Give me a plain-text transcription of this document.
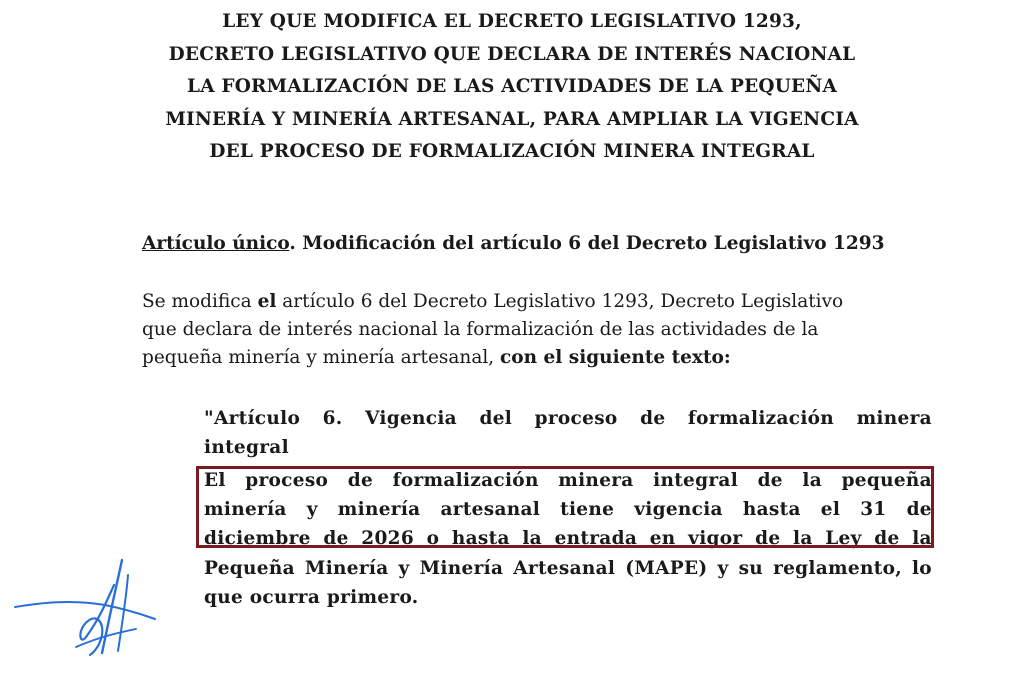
LEY QUE MODIFICA EL DECRETO LEGISLATIVO 1293,
DECRETO LEGISLATIVO QUE DECLARA DE INTERÉS NACIONAL
LA FORMALIZACIÓN DE LAS ACTIVIDADES DE LA PEQUEÑA
MINERÍA Y MINERÍA ARTESANAL, PARA AMPLIAR LA VIGENCIA
DEL PROCESO DE FORMALIZACIÓN MINERA INTEGRAL
Artículo único. Modificación del artículo 6 del Decreto Legislativo 1293
Se modifica el artículo 6 del Decreto Legislativo 1293, Decreto Legislativo
que declara de interés nacional la formalización de las actividades de la
pequeña minería y minería artesanal, con el siguiente texto:
"Artículo 6. Vigencia del proceso de formalización minera
integral
El proceso de formalización minera integral de la pequeña
minería y minería artesanal tiene vigencia hasta el 31 de
diciembre de 2026 o hasta la entrada en vigor de la Ley de la
Pequeña Minería y Minería Artesanal (MAPE) y su reglamento, lo
que ocurra primero.
